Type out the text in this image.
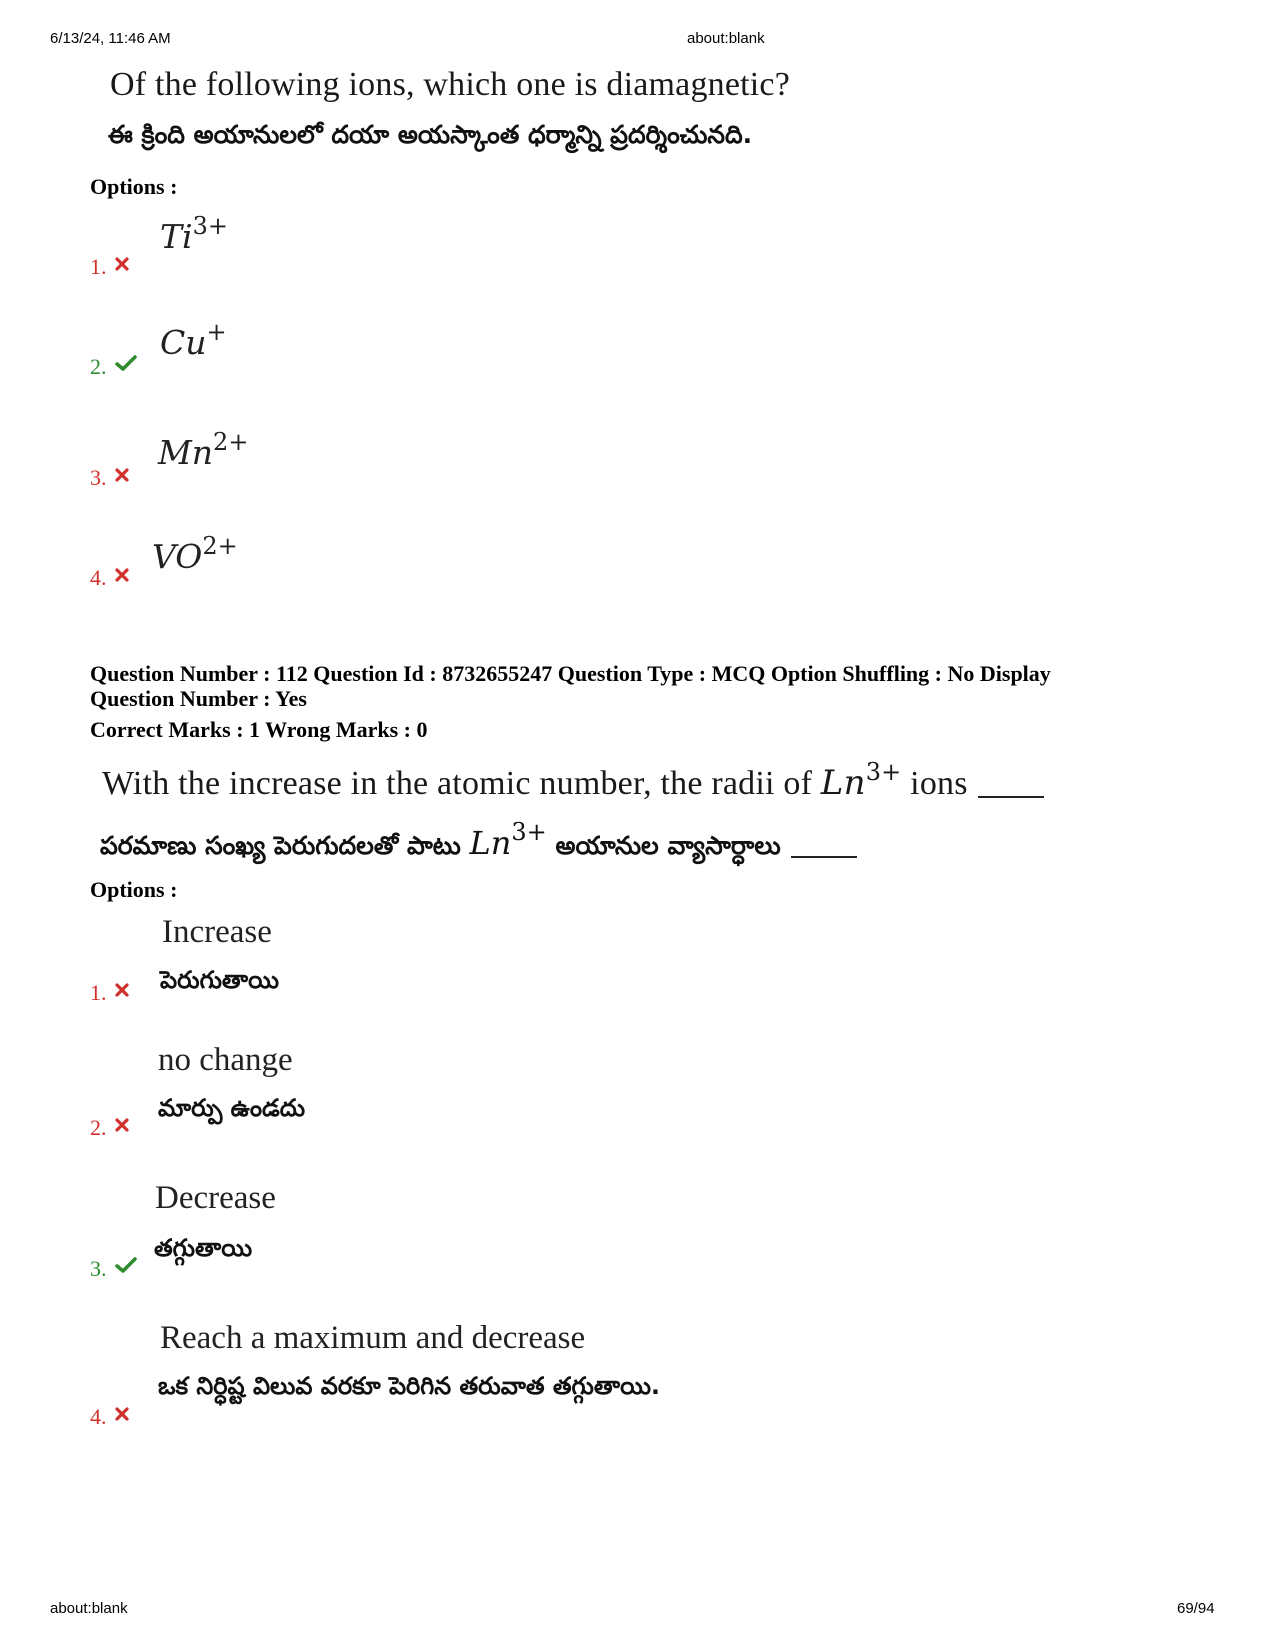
6/13/24, 11:46 AM	about:blank
Of the following ions, which one is diamagnetic?
ఈ క్రింది అయానులలో దయా అయస్కాంత ధర్మాన్ని ప్రదర్శించునది.
Options :
$Ti^{3+}$
1.
Cu+
2.
$Mn^{2+}$
3.
$VO^{2+}$
4.
Question Number : 112 Question Id : 8732655247 Question Type : MCQ Option Shuffling : No Display
Question Number : Yes
Correct Marks : 1 Wrong Marks : 0
With the increase in the atomic number, the radii of $Ln^{3+}$ ions
పరమాణు సంఖ్య పెరుగుదలతో పాటు Ln3+ అయానుల వ్యాసార్ధాలు
Options :
Increase
పెరుగుతాయి
1.
no change
మార్పు ఉండదు
2.
Decrease
తగ్గుతాయి
3.
Reach a maximum and decrease
ఒక నిర్ధిష్ట విలువ వరకూ పెరిగిన తరువాత తగ్గుతాయి.
4.
about:blank	69/94
